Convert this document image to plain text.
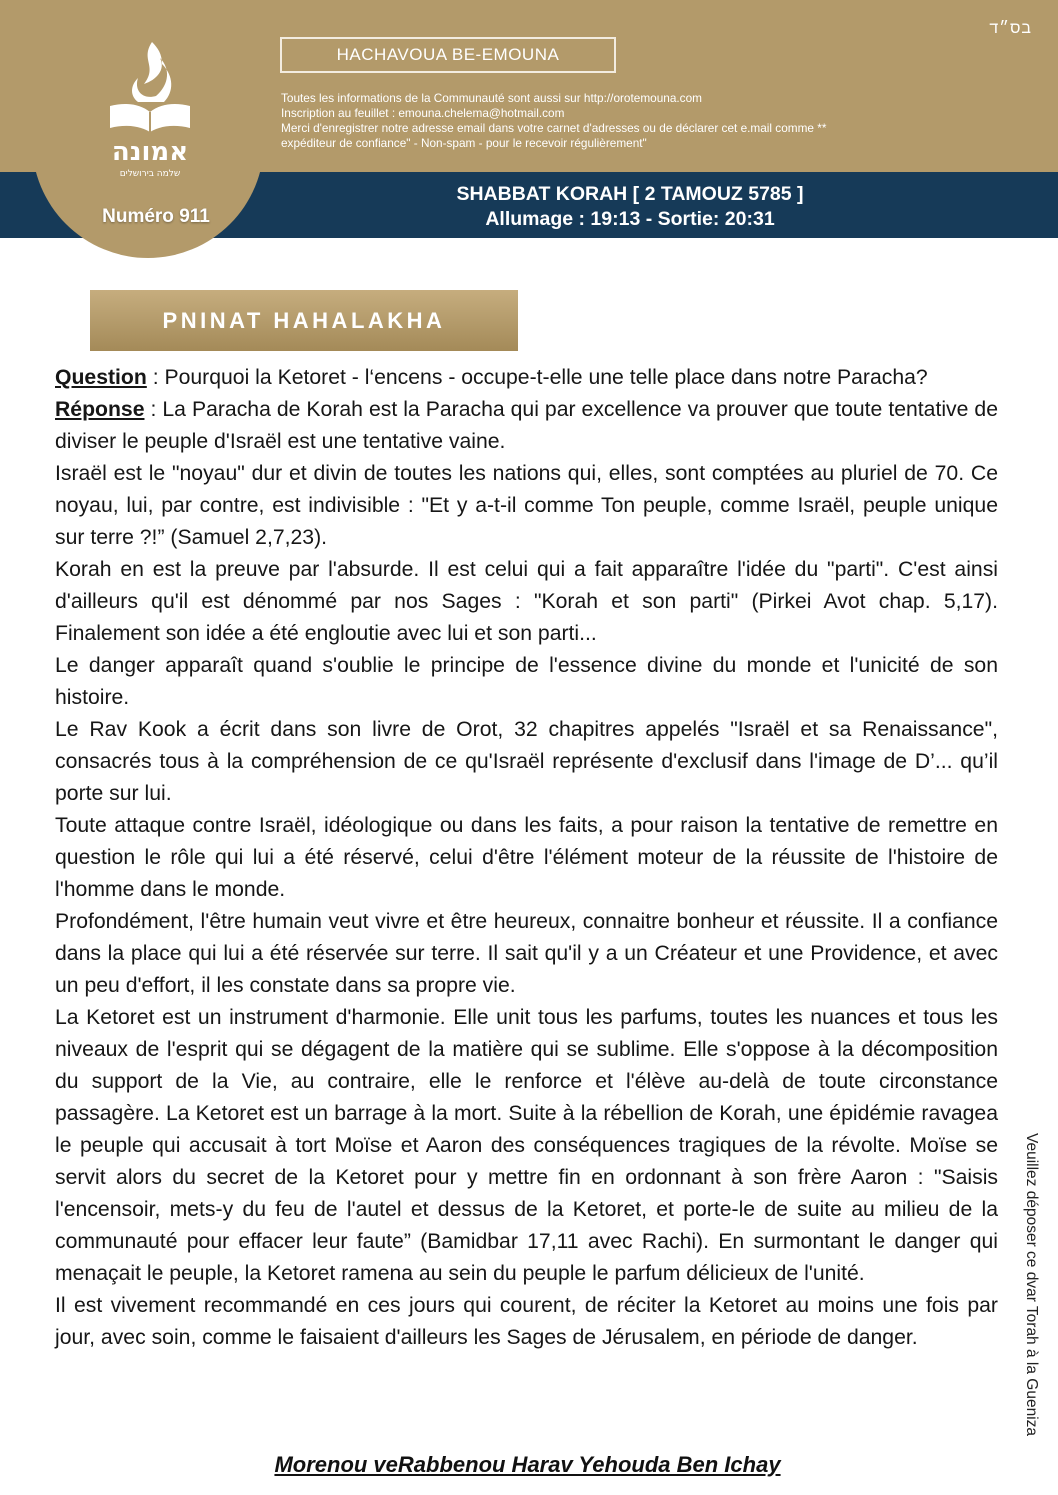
אמונה
שלמה בירושלים
בס״ד
HACHAVOUA BE-EMOUNA
Toutes les informations de la Communauté sont aussi sur http://orotemouna.com
Inscription au feuillet : emouna.chelema@hotmail.com
Merci d'enregistrer notre adresse email dans votre carnet d'adresses ou de déclarer cet e.mail comme **
expéditeur de confiance" - Non-spam - pour le recevoir régulièrement"
Numéro 911
SHABBAT KORAH [ 2 TAMOUZ 5785 ]
Allumage : 19:13 - Sortie: 20:31
PNINAT HAHALAKHA

Question : Pourquoi la Ketoret - l‘encens - occupe-t-elle une telle place dans notre Paracha?

Réponse : La Paracha de Korah est la Paracha qui par excellence va prouver que toute tentative de diviser le peuple d'Israël est une tentative vaine.

Israël est le "noyau" dur et divin de toutes les nations qui, elles, sont comptées au pluriel de 70. Ce noyau, lui, par contre, est indivisible : "Et y a-t-il comme Ton peuple, comme Israël, peuple unique sur terre ?!” (Samuel 2,7,23).

Korah en est la preuve par l'absurde. Il est celui qui a fait apparaître l'idée du "parti". C'est ainsi d'ailleurs qu'il est dénommé par nos Sages : "Korah et son parti" (Pirkei Avot chap. 5,17). Finalement son idée a été engloutie avec lui et son parti...

Le danger apparaît quand s'oublie le principe de l'essence divine du monde et l'unicité de son histoire.

Le Rav Kook a écrit dans son livre de Orot, 32 chapitres appelés "Israël et sa Renaissance", consacrés tous à la compréhension de ce qu'Israël représente d'exclusif dans l'image de D’... qu’il porte sur lui.

Toute attaque contre Israël, idéologique ou dans les faits, a pour raison la tentative de remettre en question le rôle qui lui a été réservé, celui d'être l'élément moteur de la réussite de l'histoire de l'homme dans le monde.

Profondément, l'être humain veut vivre et être heureux, connaitre bonheur et réussite. Il a confiance dans la place qui lui a été réservée sur terre. Il sait qu'il y a un Créateur et une Providence, et avec un peu d'effort, il les constate dans sa propre vie.

La Ketoret est un instrument d'harmonie. Elle unit tous les parfums, toutes les nuances et tous les niveaux de l'esprit qui se dégagent de la matière qui se sublime. Elle s'oppose à la décomposition du support de la Vie, au contraire, elle le renforce et l'élève au-delà de toute circonstance passagère. La Ketoret est un barrage à la mort. Suite à la rébellion de Korah, une épidémie ravagea le peuple qui accusait à tort Moïse et Aaron des conséquences tragiques de la révolte. Moïse se servit alors du secret de la Ketoret pour y mettre fin en ordonnant à son frère Aaron : "Saisis l'encensoir, mets-y du feu de l'autel et dessus de la Ketoret, et porte-le de suite au milieu de la communauté pour effacer leur faute” (Bamidbar 17,11 avec Rachi). En surmontant le danger qui menaçait le peuple, la Ketoret ramena au sein du peuple le parfum délicieux de l'unité.

Il est vivement recommandé en ces jours qui courent, de réciter la Ketoret au moins une fois par jour, avec soin, comme le faisaient d'ailleurs les Sages de Jérusalem, en période de danger.

Morenou veRabbenou Harav Yehouda Ben Ichay
Veuillez déposer ce dvar Torah à la Guenizа
